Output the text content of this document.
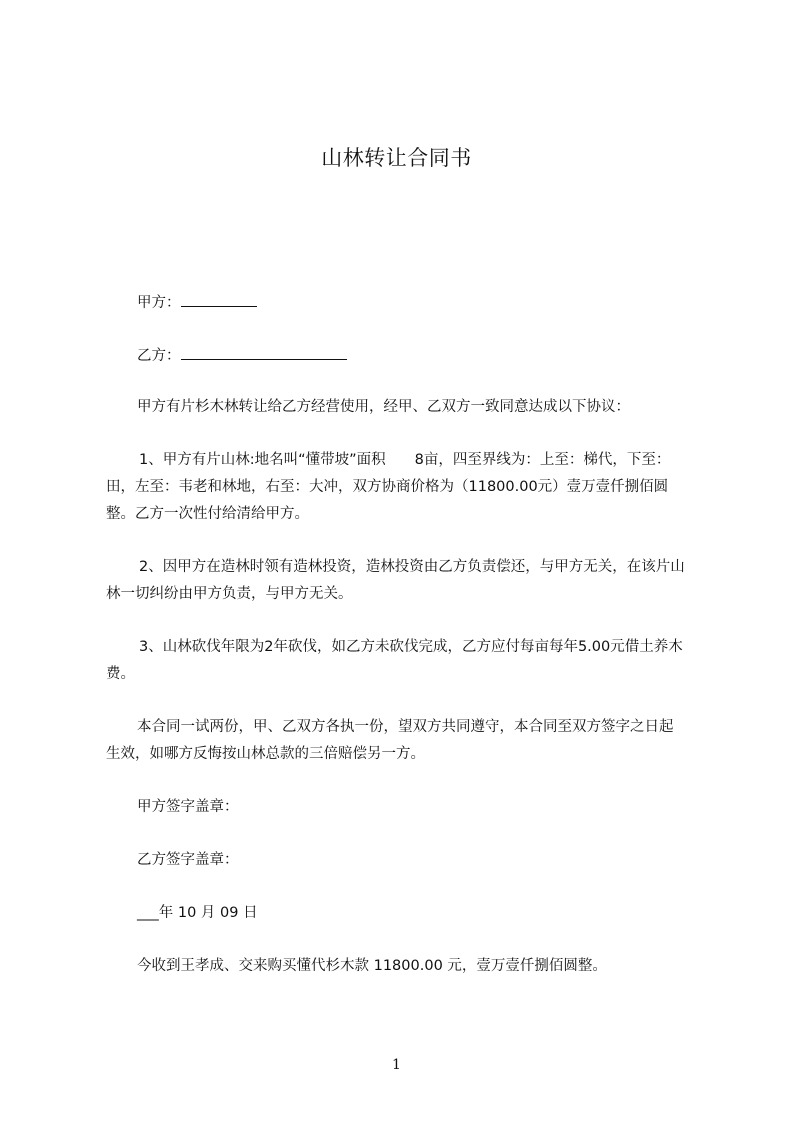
山林转让合同书
甲方：
乙方：
甲方有片杉木林转让给乙方经营使用，经甲、乙双方一致同意达成以下协议：
1、甲方有片山林:地名叫“懂带坡”面积　　8亩，四至界线为：上至：梯代，下至：田，左至：韦老和林地，右至：大冲，双方协商价格为（11800.00元）壹万壹仟捌佰圆整。乙方一次性付给清给甲方。
2、因甲方在造林时领有造林投资，造林投资由乙方负责偿还，与甲方无关，在该片山林一切纠纷由甲方负责，与甲方无关。
3、山林砍伐年限为2年砍伐，如乙方未砍伐完成，乙方应付每亩每年5.00元借土养木费。
本合同一试两份，甲、乙双方各执一份，望双方共同遵守，本合同至双方签字之日起生效，如哪方反悔按山林总款的三倍赔偿另一方。
甲方签字盖章：
乙方签字盖章：
___年 10 月 09 日
今收到王孝成、交来购买懂代杉木款 11800.00 元，壹万壹仟捌佰圆整。
1
